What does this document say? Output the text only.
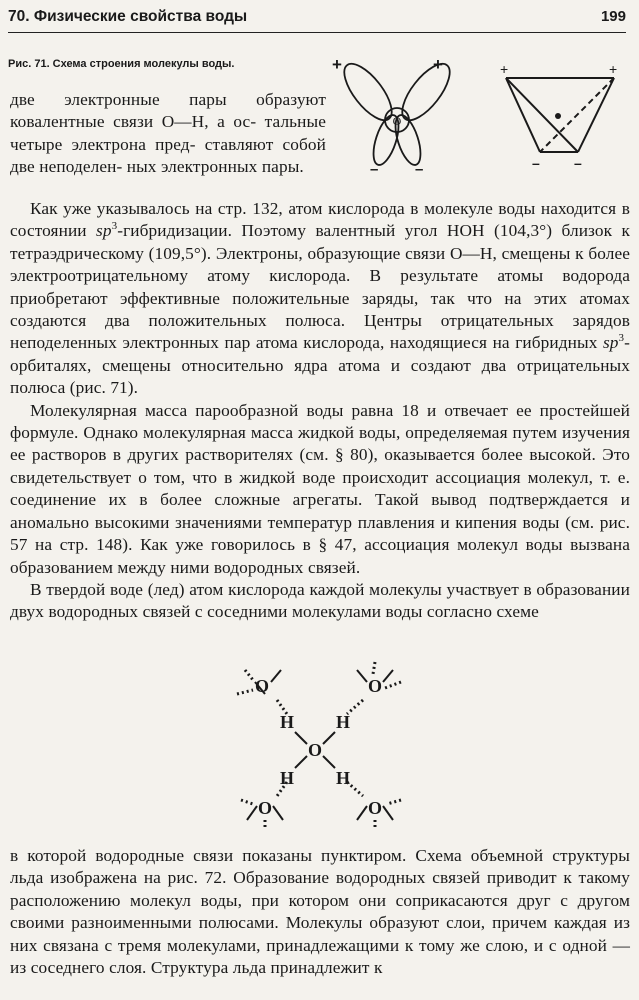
70. Физические свойства воды	199
Рис. 71. Схема строения молекулы воды.
O
+	+
– –
+	+
– –

две электронные пары образуют ковалентные связи O—H, а ос- тальные четыре электрона пред- ставляют собой две неподелен- ных электронных пары.

Как уже указывалось на стр. 132, атом кислорода в молекуле воды находится в состоянии $sp^3$-гибридизации. Поэтому валентный угол HOH (104,3°) близок к тетраэдрическому (109,5°). Электроны, образующие связи O—H, смещены к более электроотрицательному атому кислорода. В результате атомы водорода приобретают эффективные положительные заряды, так что на этих атомах создаются два положительных полюса. Центры отрицательных зарядов неподеленных электронных пар атома кислорода, находящиеся на гибридных $sp^3$-орбиталях, смещены относительно ядра атома и создают два отрицательных полюса (рис. 71).

Молекулярная масса парообразной воды равна 18 и отвечает ее простейшей формуле. Однако молекулярная масса жидкой воды, определяемая путем изучения ее растворов в других растворителях (см. § 80), оказывается более высокой. Это свидетельствует о том, что в жидкой воде происходит ассоциация молекул, т. е. соединение их в более сложные агрегаты. Такой вывод подтверждается и аномально высокими значениями температур плавления и кипения воды (см. рис. 57 на стр. 148). Как уже говорилось в § 47, ассоциация молекул воды вызвана образованием между ними водородных связей.

В твердой воде (лед) атом кислорода каждой молекулы участвует в образовании двух водородных связей с соседними молекулами воды согласно схеме

O
H H
H H
O	O
O	O

в которой водородные связи показаны пунктиром. Схема объемной структуры льда изображена на рис. 72. Образование водородных связей приводит к такому расположению молекул воды, при котором они соприкасаются друг с другом своими разноименными полюсами. Молекулы образуют слои, причем каждая из них связана с тремя молекулами, принадлежащими к тому же слою, и с одной — из соседнего слоя. Структура льда принадлежит к
